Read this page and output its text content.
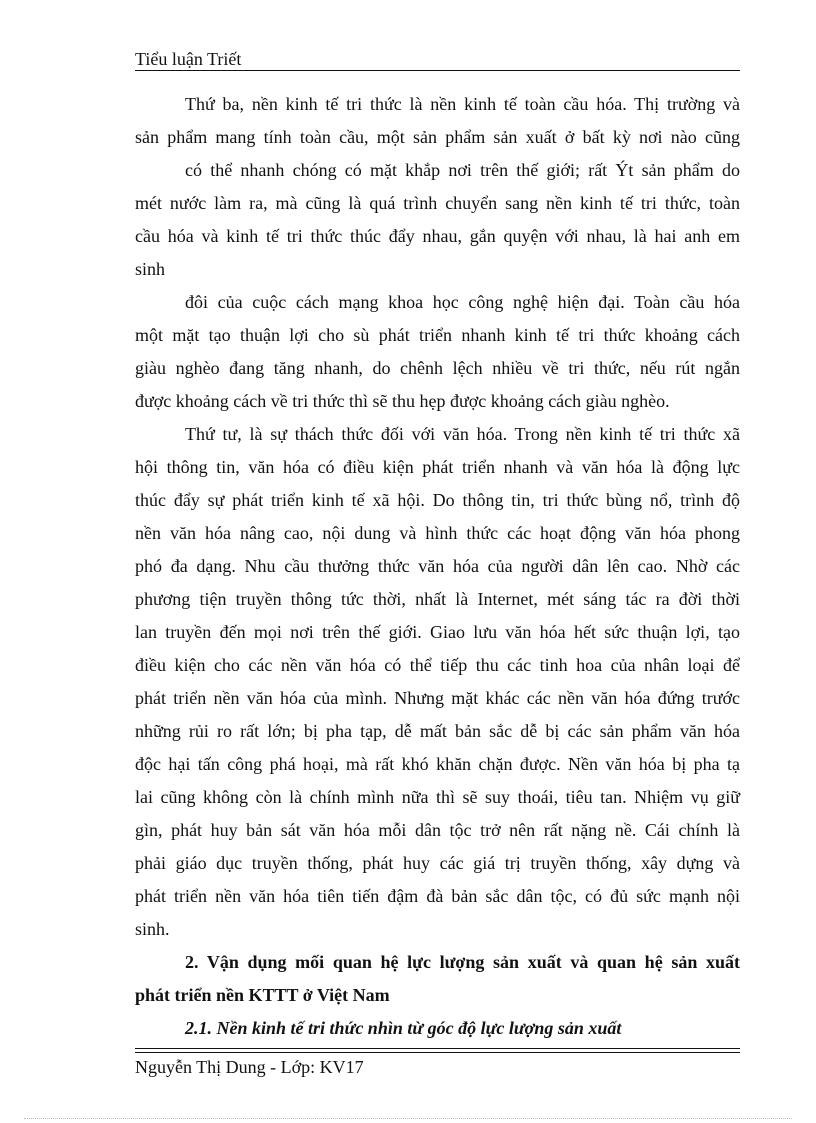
Tiểu luận Triết
Thứ ba, nền kinh tế tri thức là nền kinh tế toàn cầu hóa. Thị trường và
sản phẩm mang tính toàn cầu, một sản phẩm sản xuất ở bất kỳ nơi nào cũng
có thể nhanh chóng có mặt khắp nơi trên thế giới; rất Ýt sản phẩm do
mét nước làm ra, mà cũng là quá trình chuyển sang nền kinh tế tri thức, toàn
cầu hóa và kinh tế tri thức thúc đẩy nhau, gắn quyện với nhau, là hai anh em
sinh
đôi của cuộc cách mạng khoa học công nghệ hiện đại. Toàn cầu hóa
một mặt tạo thuận lợi cho sù phát triển nhanh kinh tế tri thức khoảng cách
giàu nghèo đang tăng nhanh, do chênh lệch nhiều về tri thức, nếu rút ngắn
được khoảng cách về tri thức thì sẽ thu hẹp được khoảng cách giàu nghèo.
Thứ tư, là sự thách thức đối với văn hóa. Trong nền kinh tế tri thức xã
hội thông tin, văn hóa có điều kiện phát triển nhanh và văn hóa là động lực
thúc đẩy sự phát triển kinh tế xã hội. Do thông tin, tri thức bùng nổ, trình độ
nền văn hóa nâng cao, nội dung và hình thức các hoạt động văn hóa phong
phó đa dạng. Nhu cầu thưởng thức văn hóa của người dân lên cao. Nhờ các
phương tiện truyền thông tức thời, nhất là Internet, mét sáng tác ra đời thời
lan truyền đến mọi nơi trên thế giới. Giao lưu văn hóa hết sức thuận lợi, tạo
điều kiện cho các nền văn hóa có thể tiếp thu các tinh hoa của nhân loại để
phát triển nền văn hóa của mình. Nhưng mặt khác các nền văn hóa đứng trước
những rủi ro rất lớn; bị pha tạp, dễ mất bản sắc dễ bị các sản phẩm văn hóa
độc hại tấn công phá hoại, mà rất khó khăn chặn được. Nền văn hóa bị pha tạ
lai cũng không còn là chính mình nữa thì sẽ suy thoái, tiêu tan. Nhiệm vụ giữ
gìn, phát huy bản sát văn hóa mỗi dân tộc trở nên rất nặng nề. Cái chính là
phải giáo dục truyền thống, phát huy các giá trị truyền thống, xây dựng và
phát triển nền văn hóa tiên tiến đậm đà bản sắc dân tộc, có đủ sức mạnh nội
sinh.
2. Vận dụng mối quan hệ lực lượng sản xuất và quan hệ sản xuất
phát triển nền KTTT ở Việt Nam
2.1. Nền kinh tế tri thức nhìn từ góc độ lực lượng sản xuất
Nguyễn Thị Dung - Lớp: KV17
